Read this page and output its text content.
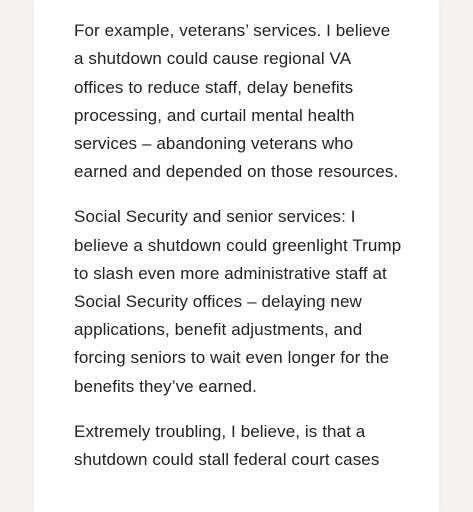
For example, veterans’ services. I believe a shutdown could cause regional VA offices to reduce staff, delay benefits processing, and curtail mental health services – abandoning veterans who earned and depended on those resources.

Social Security and senior services: I believe a shutdown could greenlight Trump to slash even more administrative staff at Social Security offices – delaying new applications, benefit adjustments, and forcing seniors to wait even longer for the benefits they’ve earned.

Extremely troubling, I believe, is that a shutdown could stall federal court cases
